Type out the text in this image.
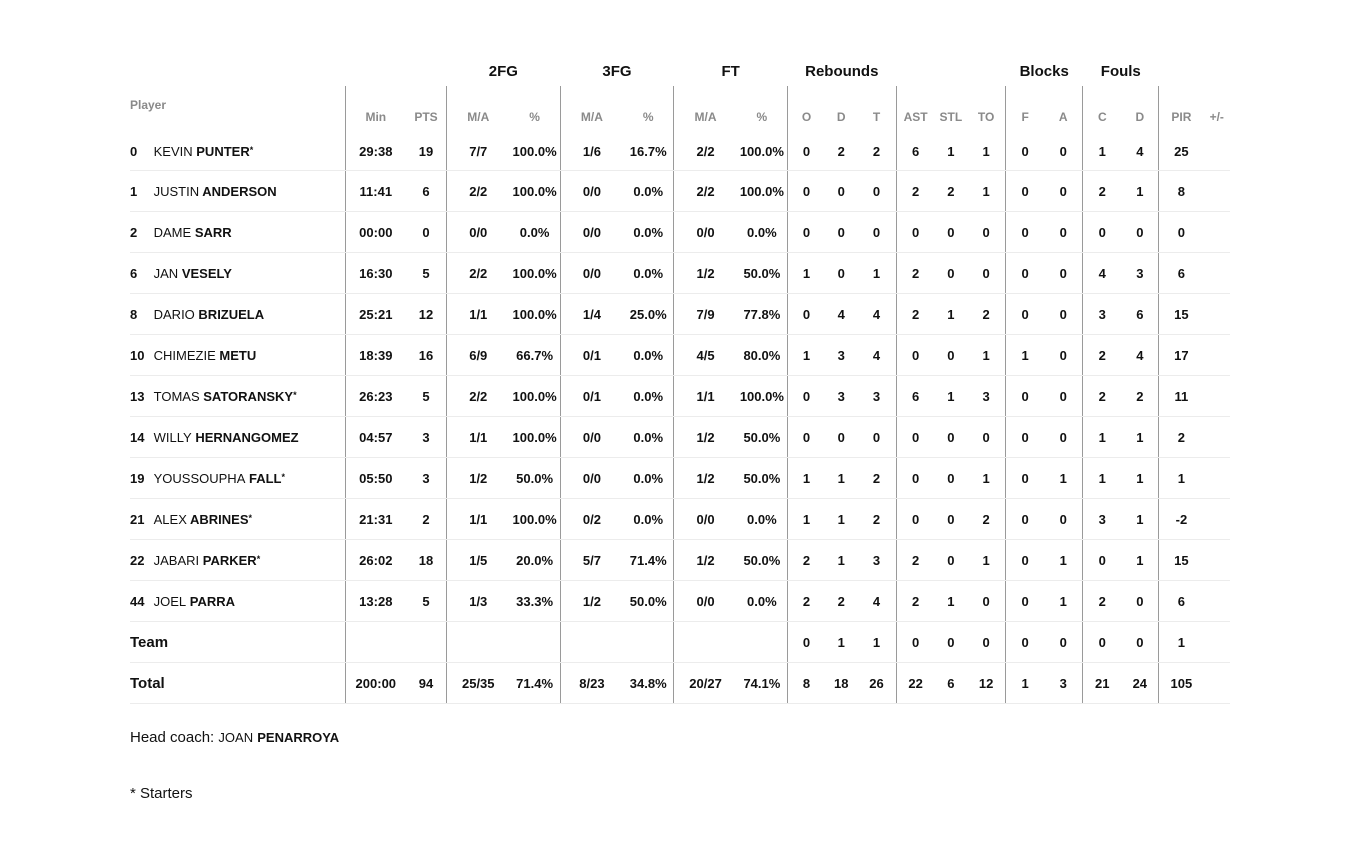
			2FG		3FG		FT		Rebounds						Blocks		Fouls			
Player	Min	PTS	M/A	%	M/A	%	M/A	%	O	D	T	AST	STL	TO	F	A	C	D	PIR	+/-
0 KEVIN PUNTER*	29:38	19	7/7	100.0%	1/6	16.7%	2/2	100.0%	0	2	2	6	1	1	0	0	1	4	25	
1 JUSTIN ANDERSON	11:41	6	2/2	100.0%	0/0	0.0%	2/2	100.0%	0	0	0	2	2	1	0	0	2	1	8	
2 DAME SARR	00:00	0	0/0	0.0%	0/0	0.0%	0/0	0.0%	0	0	0	0	0	0	0	0	0	0	0	
6 JAN VESELY	16:30	5	2/2	100.0%	0/0	0.0%	1/2	50.0%	1	0	1	2	0	0	0	0	4	3	6	
8 DARIO BRIZUELA	25:21	12	1/1	100.0%	1/4	25.0%	7/9	77.8%	0	4	4	2	1	2	0	0	3	6	15	
10 CHIMEZIE METU	18:39	16	6/9	66.7%	0/1	0.0%	4/5	80.0%	1	3	4	0	0	1	1	0	2	4	17	
13 TOMAS SATORANSKY*	26:23	5	2/2	100.0%	0/1	0.0%	1/1	100.0%	0	3	3	6	1	3	0	0	2	2	11	
14 WILLY HERNANGOMEZ	04:57	3	1/1	100.0%	0/0	0.0%	1/2	50.0%	0	0	0	0	0	0	0	0	1	1	2	
19 YOUSSOUPHA FALL*	05:50	3	1/2	50.0%	0/0	0.0%	1/2	50.0%	1	1	2	0	0	1	0	1	1	1	1	
21 ALEX ABRINES*	21:31	2	1/1	100.0%	0/2	0.0%	0/0	0.0%	1	1	2	0	0	2	0	0	3	1	-2	
22 JABARI PARKER*	26:02	18	1/5	20.0%	5/7	71.4%	1/2	50.0%	2	1	3	2	0	1	0	1	0	1	15	
44 JOEL PARRA	13:28	5	1/3	33.3%	1/2	50.0%	0/0	0.0%	2	2	4	2	1	0	0	1	2	0	6	
Team									0	1	1	0	0	0	0	0	0	0	1	
Total	200:00	94	25/35	71.4%	8/23	34.8%	20/27	74.1%	8	18	26	22	6	12	1	3	21	24	105	
Head coach: JOAN PENARROYA
* Starters
